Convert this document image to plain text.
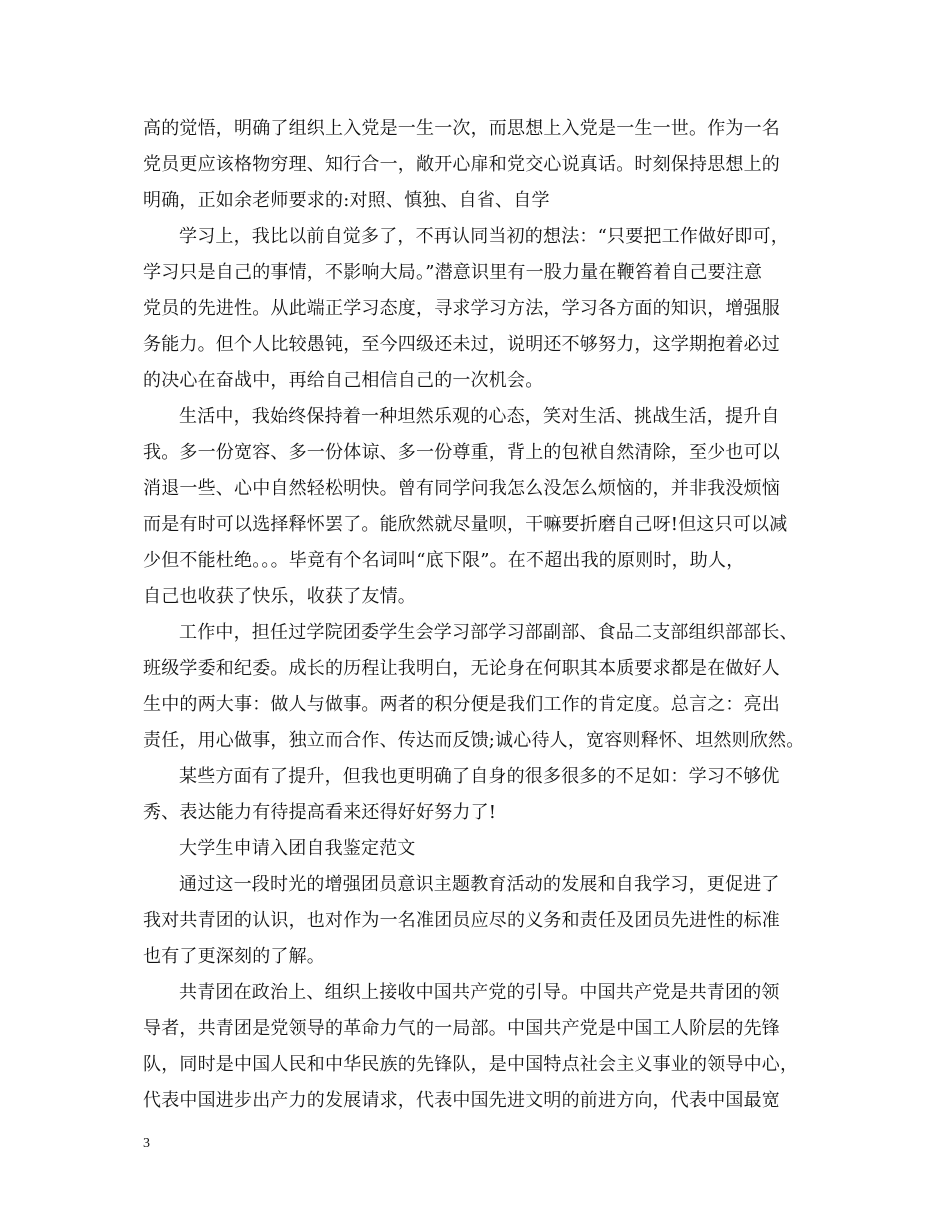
高的觉悟，明确了组织上入党是一生一次，而思想上入党是一生一世。作为一名
党员更应该格物穷理、知行合一，敞开心扉和党交心说真话。时刻保持思想上的
明确，正如余老师要求的:对照、慎独、自省、自学
学习上，我比以前自觉多了，不再认同当初的想法：“只要把工作做好即可，
学习只是自己的事情，不影响大局。”潜意识里有一股力量在鞭笞着自己要注意
党员的先进性。从此端正学习态度，寻求学习方法，学习各方面的知识，增强服
务能力。但个人比较愚钝，至今四级还未过，说明还不够努力，这学期抱着必过
的决心在奋战中，再给自己相信自己的一次机会。
生活中，我始终保持着一种坦然乐观的心态，笑对生活、挑战生活，提升自
我。多一份宽容、多一份体谅、多一份尊重，背上的包袱自然清除，至少也可以
消退一些、心中自然轻松明快。曾有同学问我怎么没怎么烦恼的，并非我没烦恼
而是有时可以选择释怀罢了。能欣然就尽量呗，干嘛要折磨自己呀!但这只可以减
少但不能杜绝。。。毕竟有个名词叫“底下限”。在不超出我的原则时，助人，
自己也收获了快乐，收获了友情。
工作中，担任过学院团委学生会学习部学习部副部、食品二支部组织部部长、
班级学委和纪委。成长的历程让我明白，无论身在何职其本质要求都是在做好人
生中的两大事：做人与做事。两者的积分便是我们工作的肯定度。总言之：亮出
责任，用心做事，独立而合作、传达而反馈;诚心待人，宽容则释怀、坦然则欣然。
某些方面有了提升，但我也更明确了自身的很多很多的不足如：学习不够优
秀、表达能力有待提高看来还得好好努力了!
大学生申请入团自我鉴定范文
通过这一段时光的增强团员意识主题教育活动的发展和自我学习，更促进了
我对共青团的认识，也对作为一名准团员应尽的义务和责任及团员先进性的标准
也有了更深刻的了解。
共青团在政治上、组织上接收中国共产党的引导。中国共产党是共青团的领
导者，共青团是党领导的革命力气的一局部。中国共产党是中国工人阶层的先锋
队，同时是中国人民和中华民族的先锋队，是中国特点社会主义事业的领导中心，
代表中国进步出产力的发展请求，代表中国先进文明的前进方向，代表中国最宽
3
